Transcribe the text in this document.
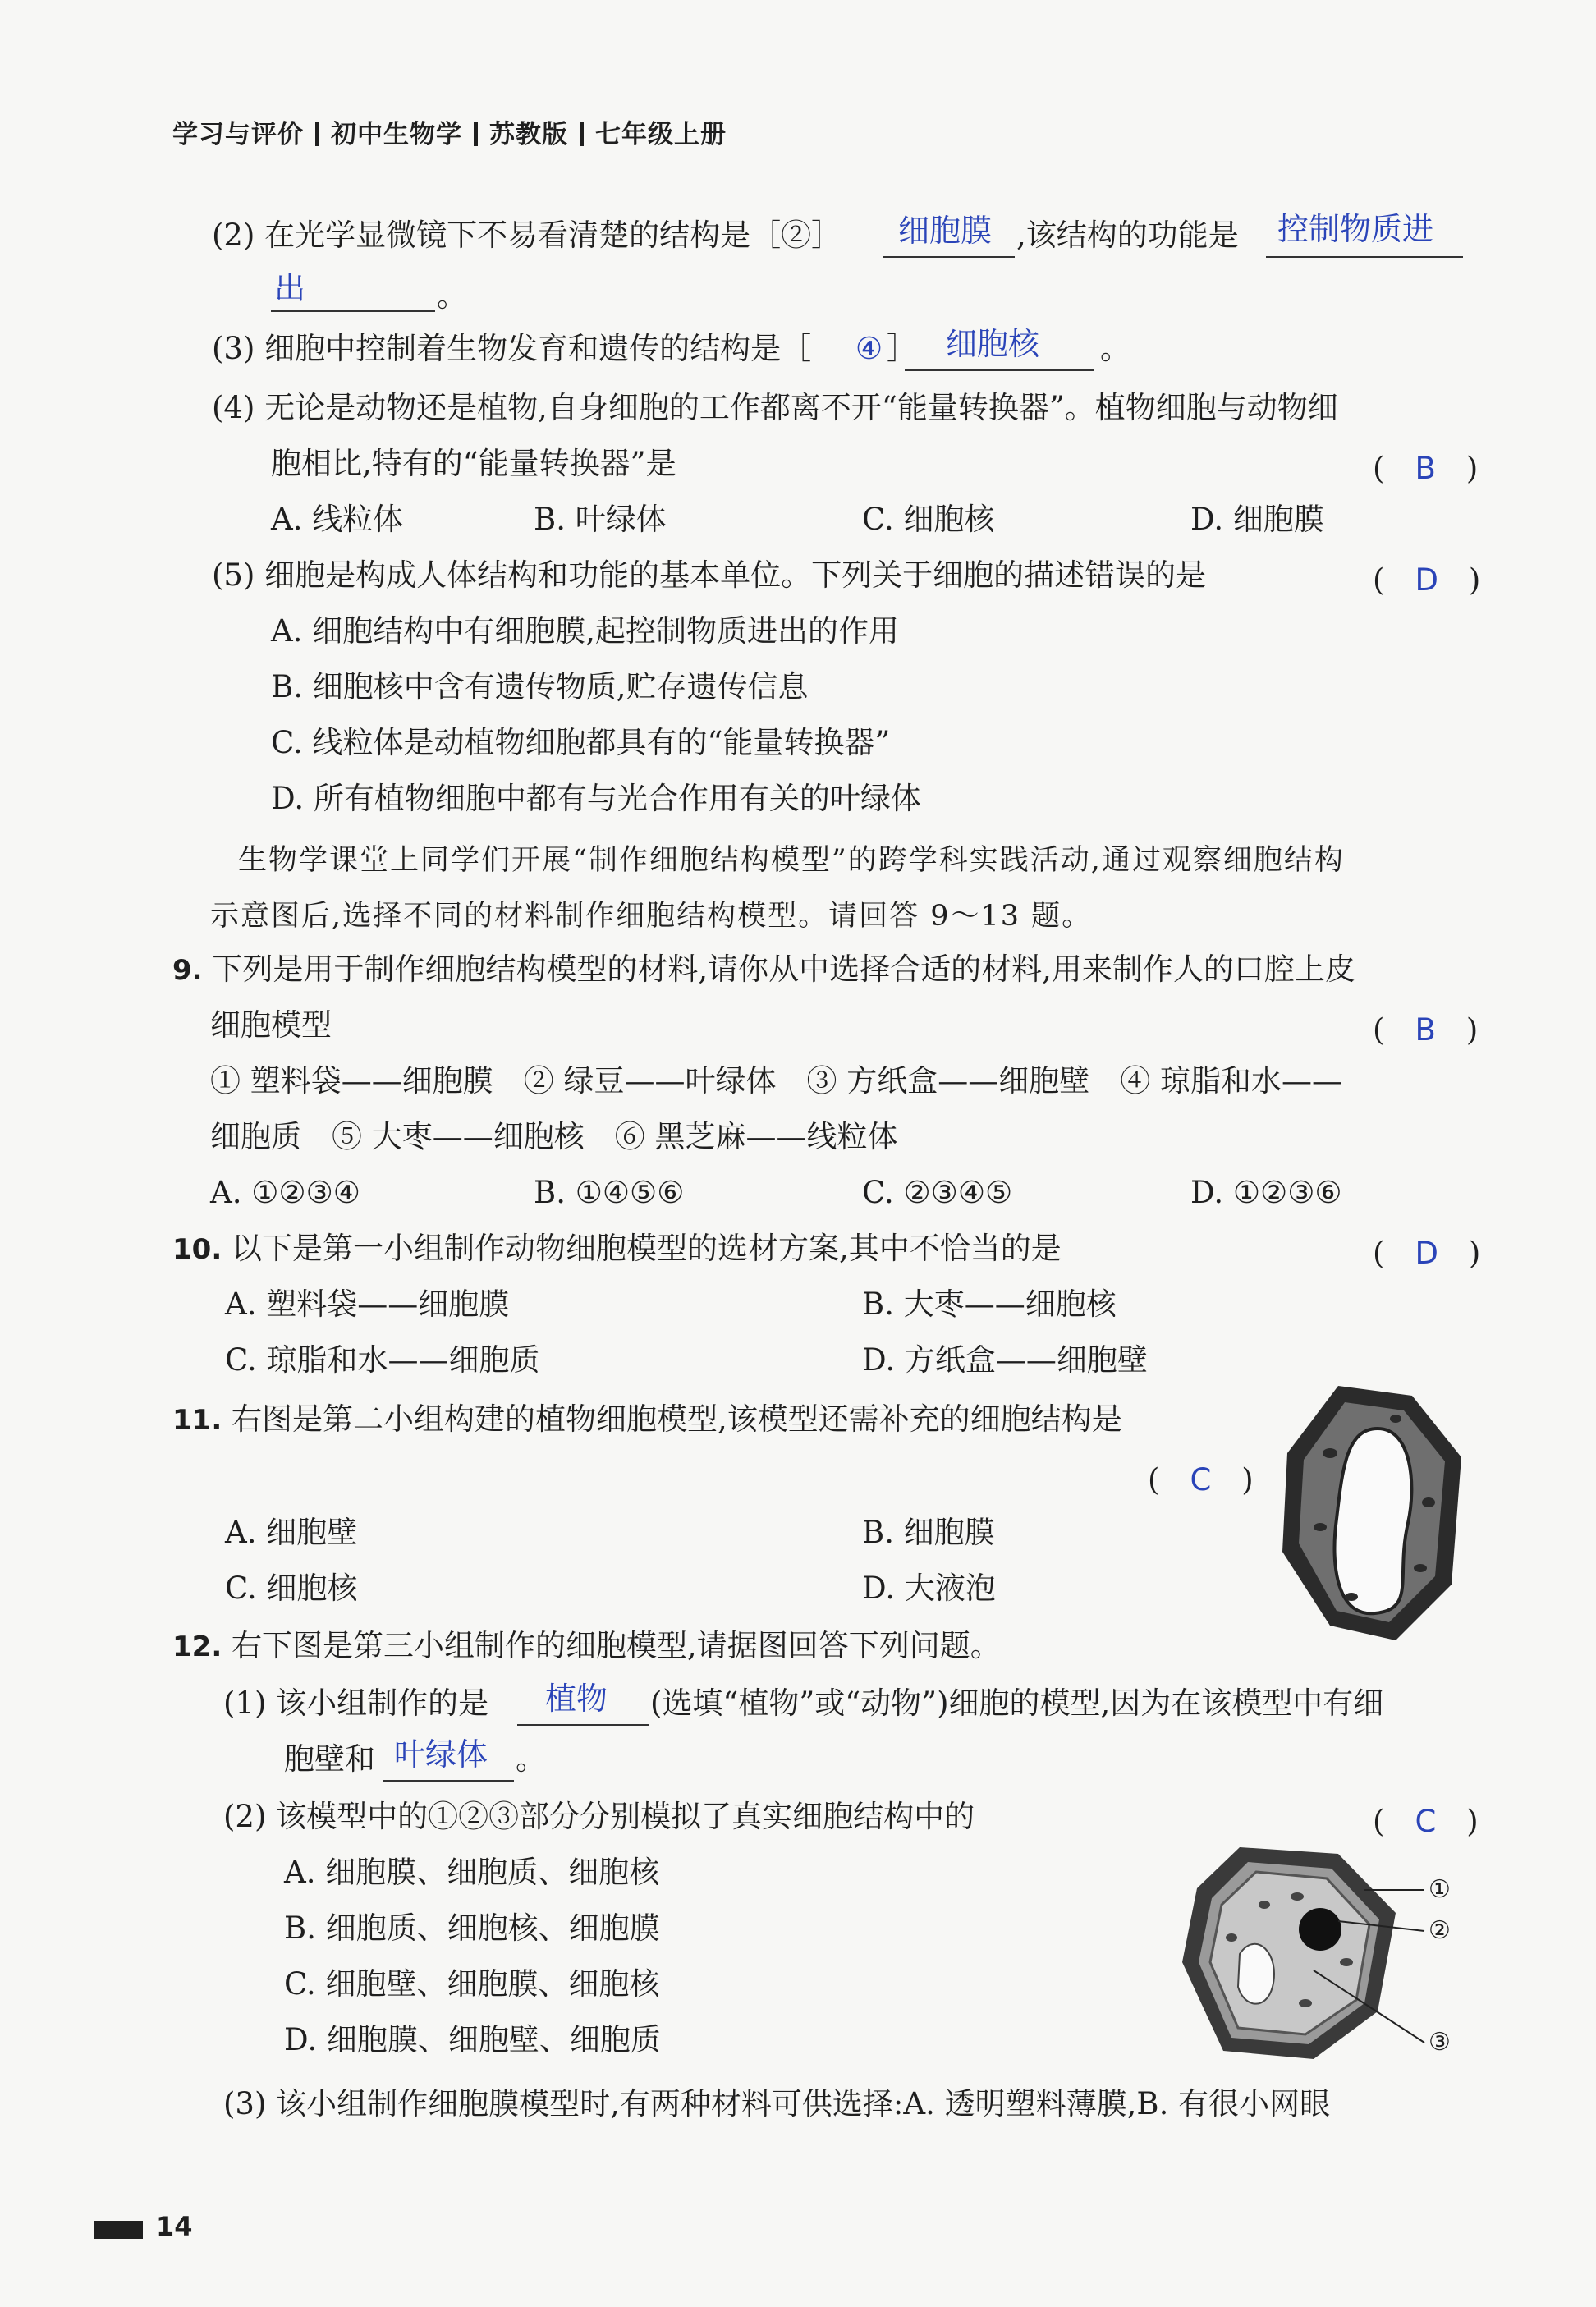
学习与评价 初中生物学 苏教版 七年级上册
(2) 在光学显微镜下不易看清楚的结构是［②］ 细胞膜 ,该结构的功能是 控制物质进
出	。
(3) 细胞中控制着生物发育和遗传的结构是［ ④ ］ 细胞核 。
(4) 无论是动物还是植物,自身细胞的工作都离不开“能量转换器”。植物细胞与动物细
胞相比,特有的“能量转换器”是	(　B　)
A. 线粒体	B. 叶绿体	C. 细胞核	D. 细胞膜
(5) 细胞是构成人体结构和功能的基本单位。下列关于细胞的描述错误的是	(　D　)
A. 细胞结构中有细胞膜,起控制物质进出的作用
B. 细胞核中含有遗传物质,贮存遗传信息
C. 线粒体是动植物细胞都具有的“能量转换器”
D. 所有植物细胞中都有与光合作用有关的叶绿体
生物学课堂上同学们开展“制作细胞结构模型”的跨学科实践活动,通过观察细胞结构
示意图后,选择不同的材料制作细胞结构模型。请回答 9～13 题。
9. 下列是用于制作细胞结构模型的材料,请你从中选择合适的材料,用来制作人的口腔上皮
细胞模型	(　B　)
① 塑料袋——细胞膜　② 绿豆——叶绿体　③ 方纸盒——细胞壁　④ 琼脂和水——
细胞质　⑤ 大枣——细胞核　⑥ 黑芝麻——线粒体
A. ①②③④	B. ①④⑤⑥	C. ②③④⑤	D. ①②③⑥
10. 以下是第一小组制作动物细胞模型的选材方案,其中不恰当的是	(　D　)
A. 塑料袋——细胞膜	B. 大枣——细胞核
C. 琼脂和水——细胞质	D. 方纸盒——细胞壁
11. 右图是第二小组构建的植物细胞模型,该模型还需补充的细胞结构是
(　C　)
A. 细胞壁	B. 细胞膜
C. 细胞核	D. 大液泡
12. 右下图是第三小组制作的细胞模型,请据图回答下列问题。
(1) 该小组制作的是 植物 (选填“植物”或“动物”)细胞的模型,因为在该模型中有细
胞壁和 叶绿体 。
(2) 该模型中的①②③部分分别模拟了真实细胞结构中的	(　C　)
A. 细胞膜、细胞质、细胞核
B. 细胞质、细胞核、细胞膜
C. 细胞壁、细胞膜、细胞核
D. 细胞膜、细胞壁、细胞质
①
②
③
(3) 该小组制作细胞膜模型时,有两种材料可供选择:A. 透明塑料薄膜,B. 有很小网眼
14
